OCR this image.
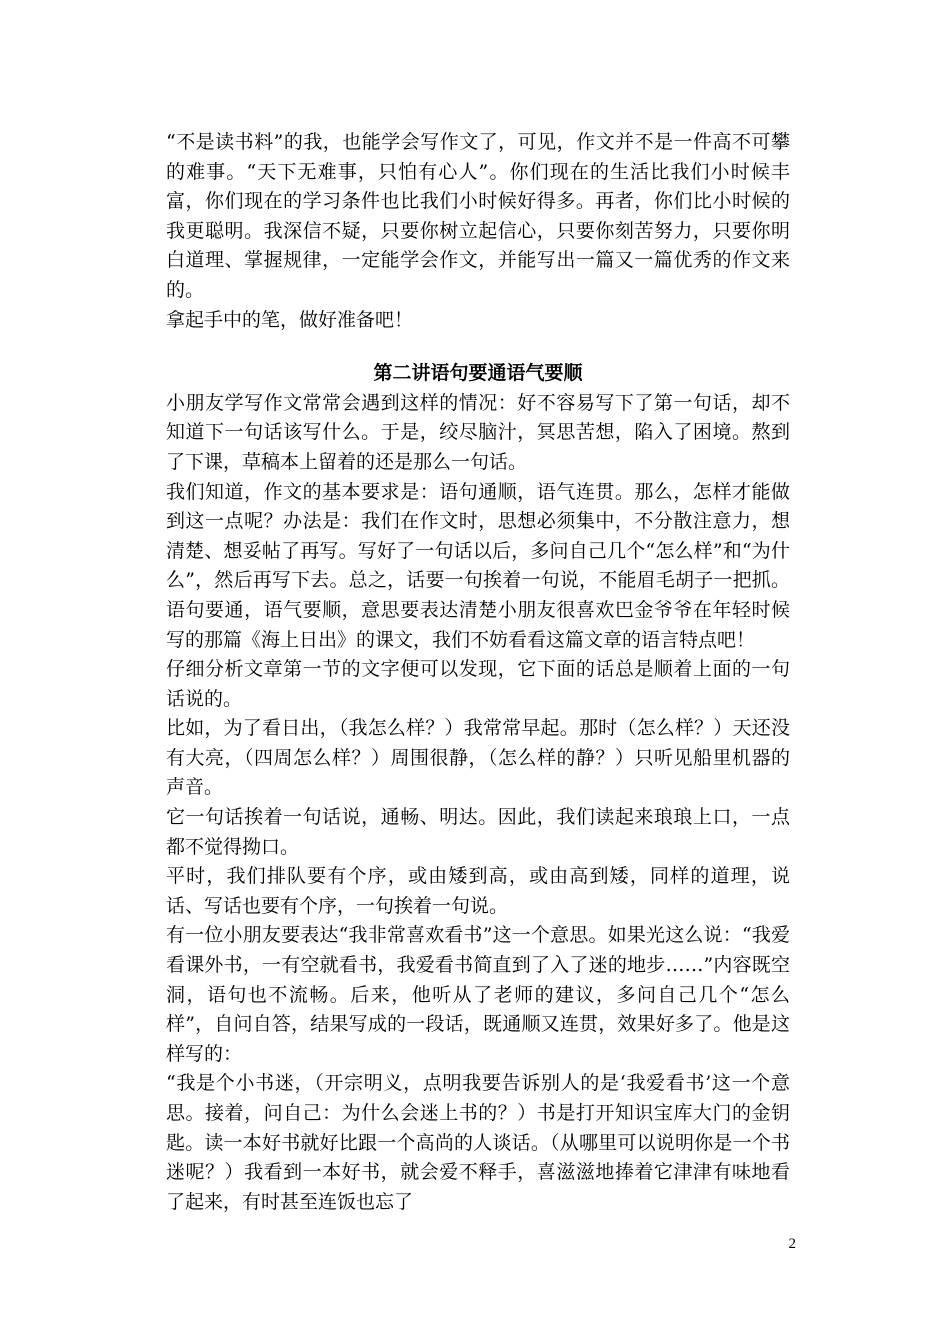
“不是读书料”的我，也能学会写作文了，可见，作文并不是一件高不可攀的难事。“天下无难事，只怕有心人”。你们现在的生活比我们小时候丰富，你们现在的学习条件也比我们小时候好得多。再者，你们比小时候的我更聪明。我深信不疑，只要你树立起信心，只要你刻苦努力，只要你明白道理、掌握规律，一定能学会作文，并能写出一篇又一篇优秀的作文来的。

拿起手中的笔，做好准备吧！

第二讲语句要通语气要顺

小朋友学写作文常常会遇到这样的情况：好不容易写下了第一句话，却不知道下一句话该写什么。于是，绞尽脑汁，冥思苦想，陷入了困境。熬到了下课，草稿本上留着的还是那么一句话。

我们知道，作文的基本要求是：语句通顺，语气连贯。那么，怎样才能做到这一点呢？办法是：我们在作文时，思想必须集中，不分散注意力，想清楚、想妥帖了再写。写好了一句话以后，多问自己几个“怎么样”和“为什么”，然后再写下去。总之，话要一句挨着一句说，不能眉毛胡子一把抓。语句要通，语气要顺，意思要表达清楚小朋友很喜欢巴金爷爷在年轻时候写的那篇《海上日出》的课文，我们不妨看看这篇文章的语言特点吧！

仔细分析文章第一节的文字便可以发现，它下面的话总是顺着上面的一句话说的。

比如，为了看日出，（我怎么样？）我常常早起。那时（怎么样？）天还没有大亮，（四周怎么样？）周围很静，（怎么样的静？）只听见船里机器的声音。

它一句话挨着一句话说，通畅、明达。因此，我们读起来琅琅上口，一点都不觉得拗口。

平时，我们排队要有个序，或由矮到高，或由高到矮，同样的道理，说话、写话也要有个序，一句挨着一句说。

有一位小朋友要表达“我非常喜欢看书”这一个意思。如果光这么说：“我爱看课外书，一有空就看书，我爱看书简直到了入了迷的地步……”内容既空洞，语句也不流畅。后来，他听从了老师的建议，多问自己几个“怎么样”，自问自答，结果写成的一段话，既通顺又连贯，效果好多了。他是这样写的：

“我是个小书迷，（开宗明义，点明我要告诉别人的是‘我爱看书’这一个意思。接着，问自己：为什么会迷上书的？）书是打开知识宝库大门的金钥匙。读一本好书就好比跟一个高尚的人谈话。（从哪里可以说明你是一个书迷呢？）我看到一本好书，就会爱不释手，喜滋滋地捧着它津津有味地看了起来，有时甚至连饭也忘了

2
